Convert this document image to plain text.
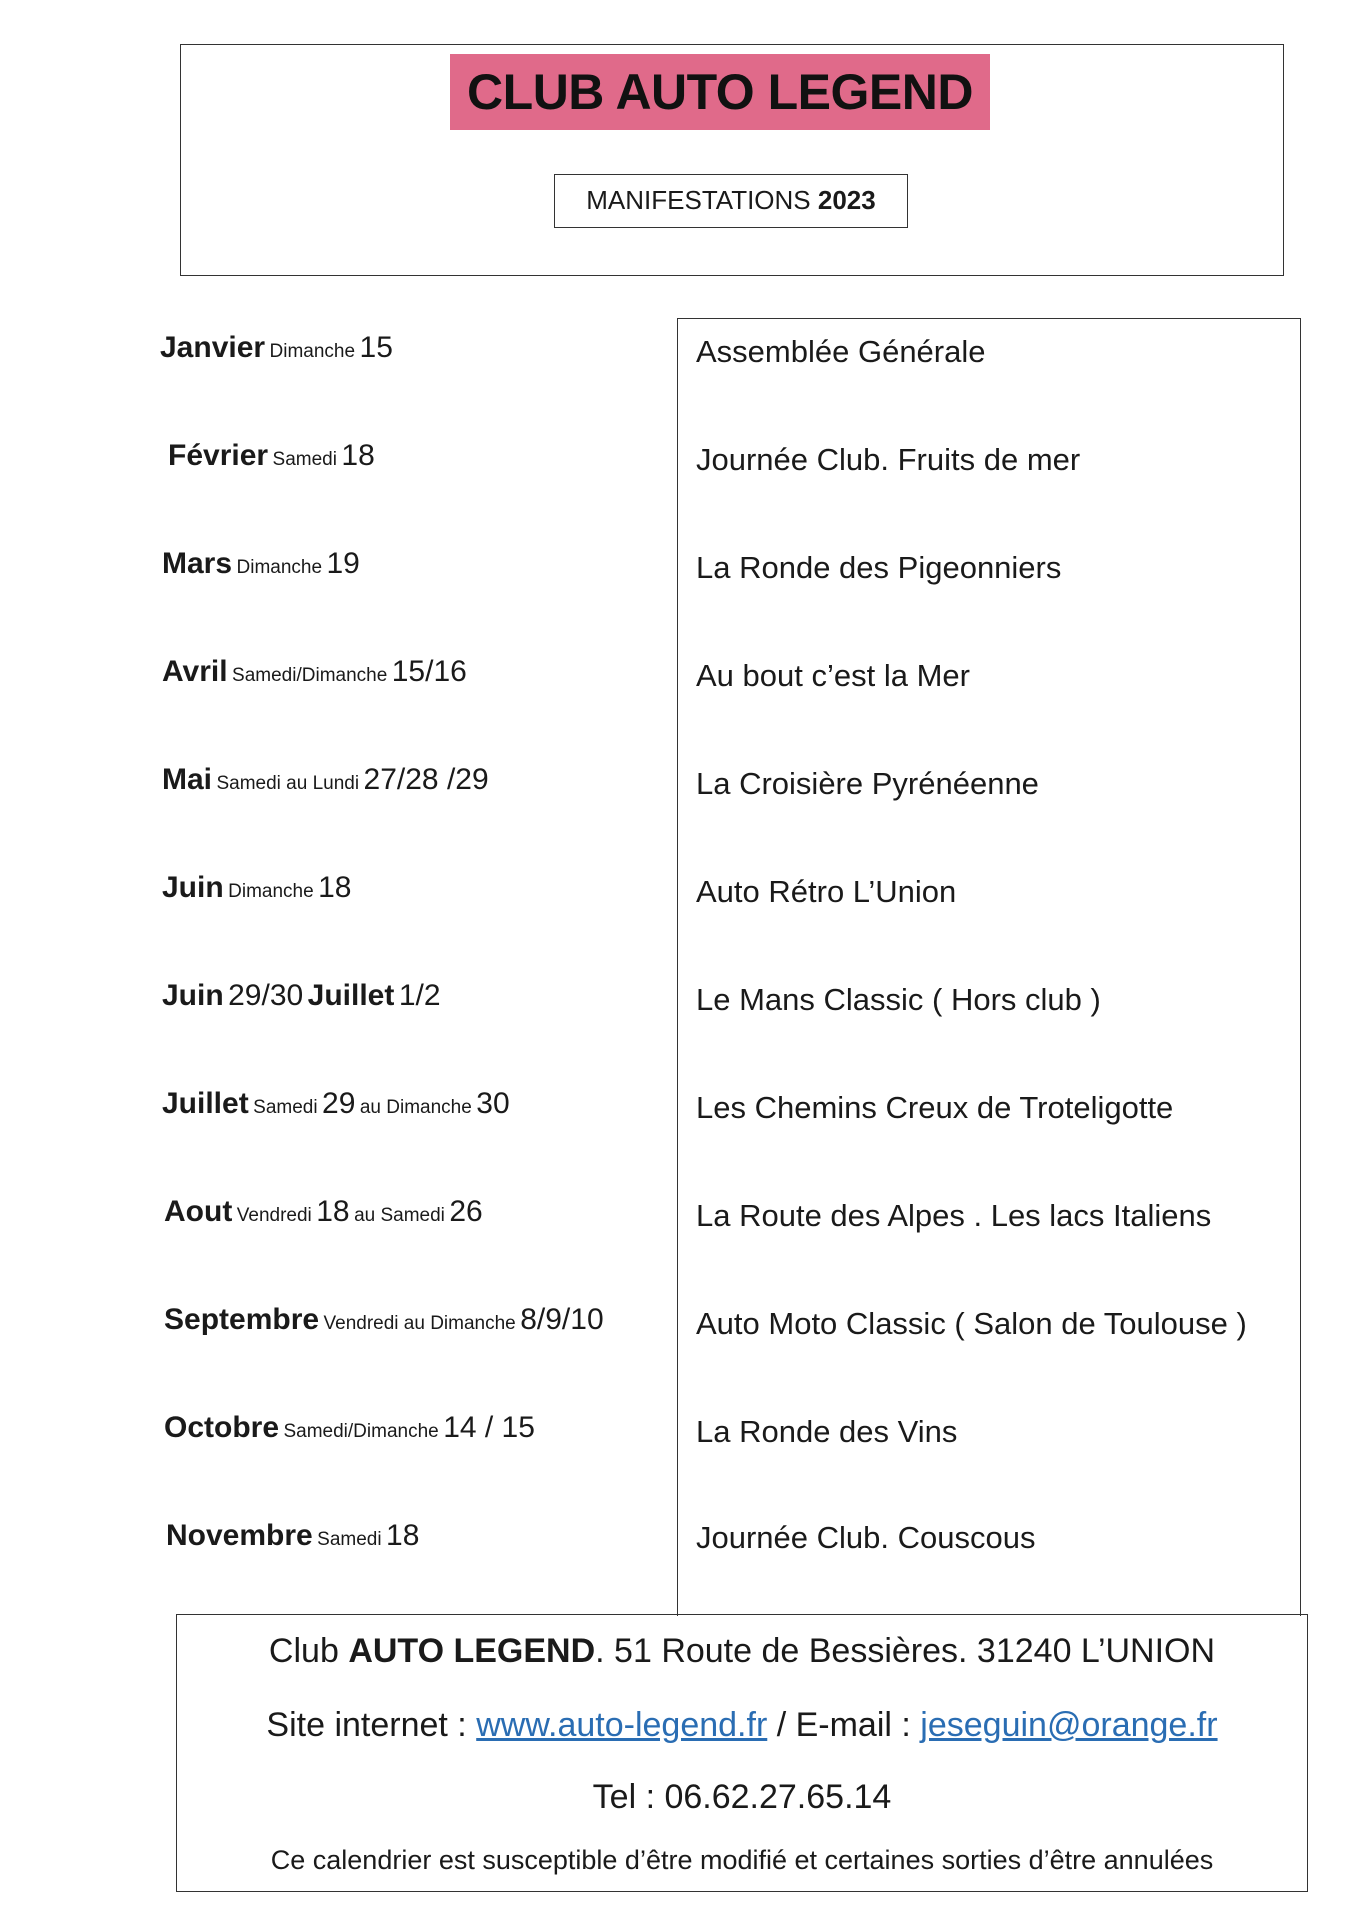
CLUB AUTO LEGEND
MANIFESTATIONS 2023
Janvier Dimanche 15	Assemblée Générale
Février Samedi 18	Journée Club. Fruits de mer
Mars Dimanche 19	La Ronde des Pigeonniers
Avril Samedi/Dimanche 15/16	Au bout c’est la Mer
Mai Samedi au Lundi 27/28 /29	La Croisière Pyrénéenne
Juin Dimanche 18	Auto Rétro L’Union
Juin 29/30 Juillet 1/2	Le Mans Classic ( Hors club )
Juillet Samedi 29 au Dimanche 30	Les Chemins Creux de Troteligotte
Aout Vendredi 18 au Samedi 26	La Route des Alpes . Les lacs Italiens
Septembre Vendredi au Dimanche 8/9/10	Auto Moto Classic ( Salon de Toulouse )
Octobre Samedi/Dimanche 14 / 15	La Ronde des Vins
Novembre Samedi 18	Journée Club. Couscous
Club AUTO LEGEND. 51 Route de Bessières. 31240 L’UNION
Site internet : www.auto-legend.fr / E-mail : jeseguin@orange.fr
Tel : 06.62.27.65.14
Ce calendrier est susceptible d’être modifié et certaines sorties d’être annulées
